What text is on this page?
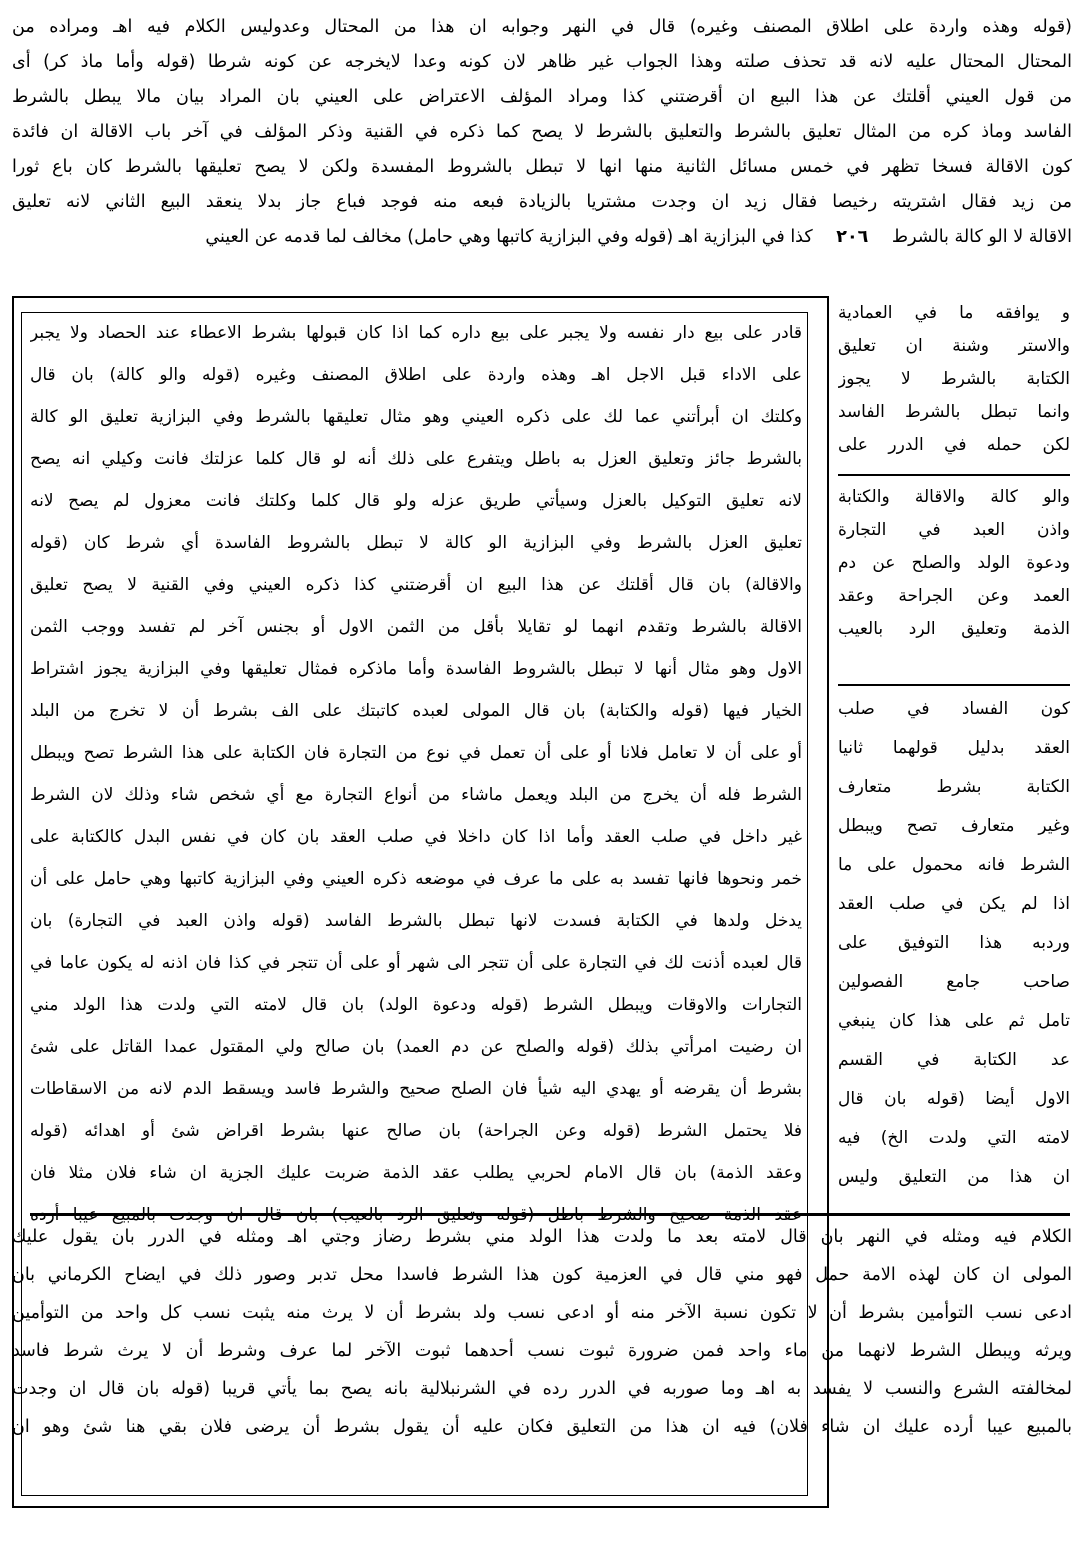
(قوله وهذه واردة على اطلاق المصنف وغيره) قال في النهر وجوابه ان هذا من المحتال وعدوليس الكلام فيه اهـ ومراده من
المحتال المحتال عليه لانه قد تحذف صلته وهذا الجواب غير ظاهر لان كونه وعدا لايخرجه عن كونه شرطا (قوله وأما ماذ كر) أى
من قول العيني أقلتك عن هذا البيع ان أقرضتني كذا ومراد المؤلف الاعتراض على العيني بان المراد بيان مالا يبطل بالشرط
الفاسد وماذ كره من المثال تعليق بالشرط والتعليق بالشرط لا يصح كما ذكره في القنية وذكر المؤلف في آخر باب الاقالة ان فائدة
كون الاقالة فسخا تظهر في خمس مسائل الثانية منها انها لا تبطل بالشروط المفسدة ولكن لا يصح تعليقها بالشرط كان باع ثورا
من زيد فقال اشتريته رخيصا فقال زيد ان وجدت مشتريا بالزيادة فبعه منه فوجد فباع جاز بدلا ينعقد البيع الثاني لانه تعليق
الاقالة لا الو كالة بالشرط ٢٠٦ كذا في البزازية اهـ (قوله وفي البزازية كاتبها وهي حامل) مخالف لما قدمه عن العيني
قادر على بيع دار نفسه ولا يجبر على بيع داره كما اذا كان قبولها بشرط الاعطاء عند الحصاد ولا يجبر
على الاداء قبل الاجل اهـ وهذه واردة على اطلاق المصنف وغيره (قوله والو كالة) بان قال
وكلتك ان أبرأتني عما لك على ذكره العيني وهو مثال تعليقها بالشرط وفي البزازية تعليق الو كالة
بالشرط جائز وتعليق العزل به باطل ويتفرع على ذلك أنه لو قال كلما عزلتك فانت وكيلي انه يصح
لانه تعليق التوكيل بالعزل وسيأتي طريق عزله ولو قال كلما وكلتك فانت معزول لم يصح لانه
تعليق العزل بالشرط وفي البزازية الو كالة لا تبطل بالشروط الفاسدة أي شرط كان (قوله
والاقالة) بان قال أقلتك عن هذا البيع ان أقرضتني كذا ذكره العيني وفي القنية لا يصح تعليق
الاقالة بالشرط وتقدم انهما لو تقايلا بأقل من الثمن الاول أو بجنس آخر لم تفسد ووجب الثمن
الاول وهو مثال أنها لا تبطل بالشروط الفاسدة وأما ماذكره فمثال تعليقها وفي البزازية يجوز اشتراط
الخيار فيها (قوله والكتابة) بان قال المولى لعبده كاتبتك على الف بشرط أن لا تخرج من البلد
أو على أن لا تعامل فلانا أو على أن تعمل في نوع من التجارة فان الكتابة على هذا الشرط تصح ويبطل
الشرط فله أن يخرج من البلد ويعمل ماشاء من أنواع التجارة مع أي شخص شاء وذلك لان الشرط
غير داخل في صلب العقد وأما اذا كان داخلا في صلب العقد بان كان في نفس البدل كالكتابة على
خمر ونحوها فانها تفسد به على ما عرف في موضعه ذكره العيني وفي البزازية كاتبها وهي حامل على أن
يدخل ولدها في الكتابة فسدت لانها تبطل بالشرط الفاسد (قوله واذن العبد في التجارة) بان
قال لعبده أذنت لك في التجارة على أن تتجر الى شهر أو على أن تتجر في كذا فان اذنه له يكون عاما في
التجارات والاوقات ويبطل الشرط (قوله ودعوة الولد) بان قال لامته التي ولدت هذا الولد مني
ان رضيت امرأتي بذلك (قوله والصلح عن دم العمد) بان صالح ولي المقتول عمدا القاتل على شئ
بشرط أن يقرضه أو يهدي اليه شيأ فان الصلح صحيح والشرط فاسد ويسقط الدم لانه من الاسقاطات
فلا يحتمل الشرط (قوله وعن الجراحة) بان صالح عنها بشرط اقراض شئ أو اهدائه (قوله
وعقد الذمة) بان قال الامام لحربي يطلب عقد الذمة ضربت عليك الجزية ان شاء فلان مثلا فان
و يوافقه ما في العمادية
والاستر وشنة ان تعليق
الكتابة بالشرط لا يجوز
وانما تبطل بالشرط الفاسد
لكن حمله في الدرر على
والو كالة والاقالة والكتابة
واذن العبد في التجارة
ودعوة الولد والصلح عن دم
العمد وعن الجراحة وعقد
الذمة وتعليق الرد بالعيب
كون الفساد في صلب
العقد بدليل قولهما ثانيا
الكتابة بشرط متعارف
وغير متعارف تصح ويبطل
الشرط فانه محمول على ما
اذا لم يكن في صلب العقد
وردبه هذا التوفيق على
صاحب جامع الفصولين
تامل ثم على هذا كان ينبغي
عد الكتابة في القسم
الاول أيضا (قوله بان قال
لامته التي ولدت الخ) فيه
ان هذا من التعليق وليس
الكلام فيه ومثله في النهر بان قال لامته بعد ما ولدت هذا الولد مني بشرط رضاز وجتي اهـ ومثله في الدرر بان يقول عليك
المولى ان كان لهذه الامة حمل فهو مني قال في العزمية كون هذا الشرط فاسدا محل تدبر وصور ذلك في ايضاح الكرماني بان
ادعى نسب التوأمين بشرط أن لا تكون نسبة الآخر منه أو ادعى نسب ولد بشرط أن لا يرث منه يثبت نسب كل واحد من التوأمين
ويرثه ويبطل الشرط لانهما من ماء واحد فمن ضرورة ثبوت نسب أحدهما ثبوت الآخر لما عرف وشرط أن لا يرث شرط فاسد
لمخالفته الشرع والنسب لا يفسد به اهـ وما صوربه في الدرر رده في الشرنبلالية بانه يصح بما يأتي قريبا (قوله بان قال ان وجدت
بالمبيع عيبا أرده عليك ان شاء فلان) فيه ان هذا من التعليق فكان عليه أن يقول بشرط أن يرضى فلان بقي هنا شئ وهو ان
